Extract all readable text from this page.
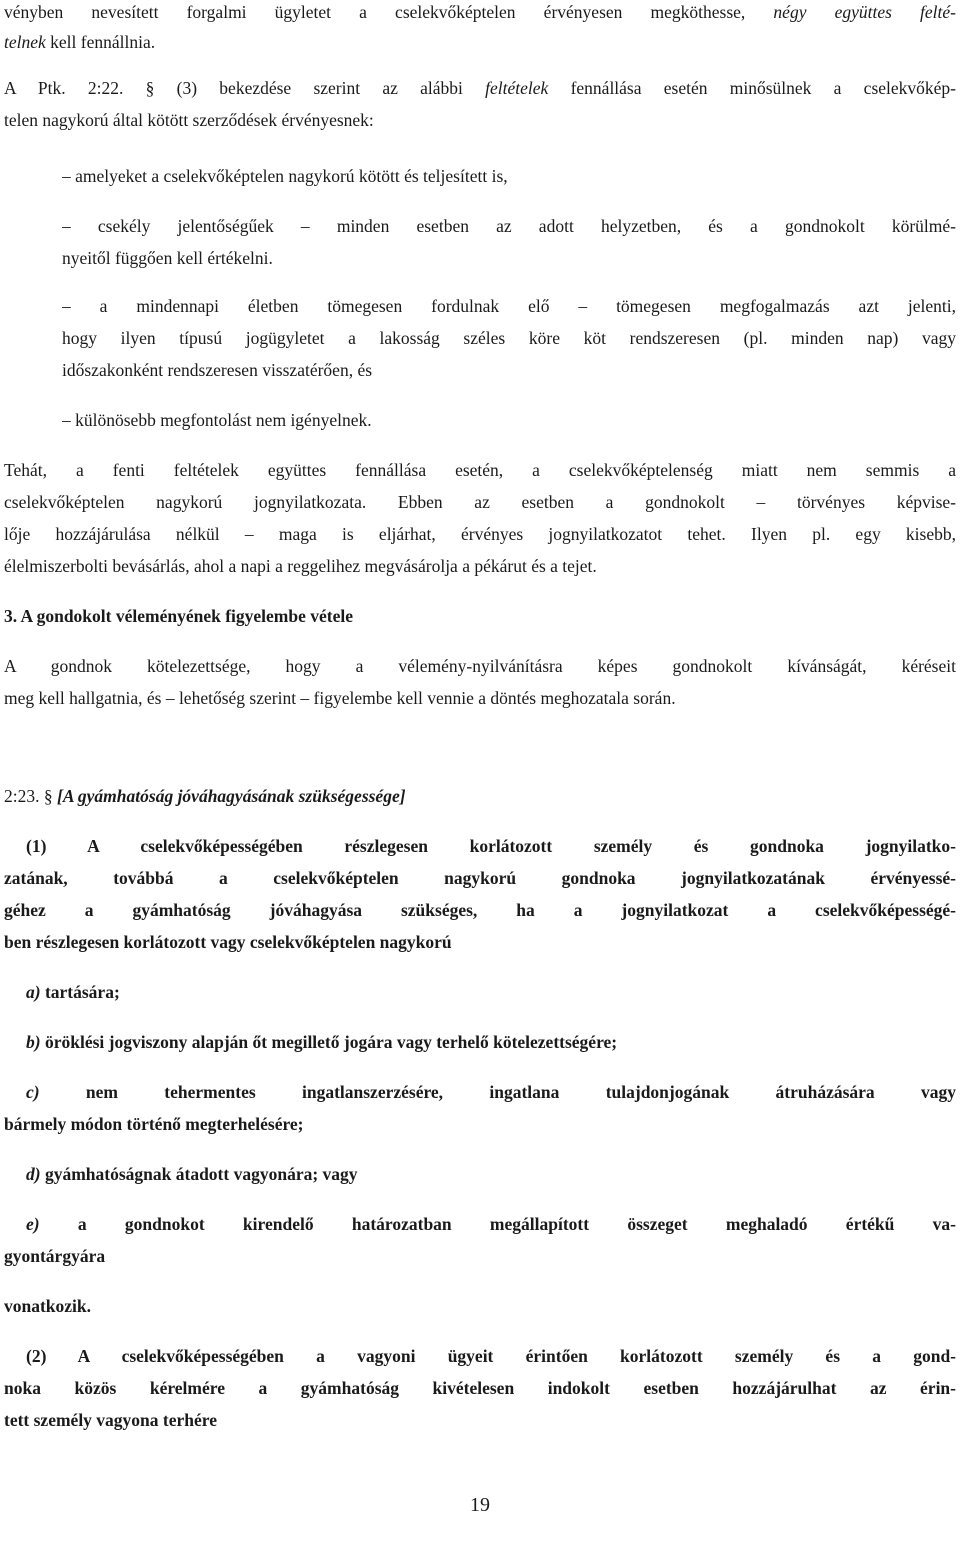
vényben nevesített forgalmi ügyletet a cselekvőképtelen érvényesen megköthesse, négy együttes felté-
telnek kell fennállnia.
A Ptk. 2:22. § (3) bekezdése szerint az alábbi feltételek fennállása esetén minősülnek a cselekvőkép-
telen nagykorú által kötött szerződések érvényesnek:
– amelyeket a cselekvőképtelen nagykorú kötött és teljesített is,
– csekély jelentőségűek – minden esetben az adott helyzetben, és a gondnokolt körülmé-
nyeitől függően kell értékelni.
– a mindennapi életben tömegesen fordulnak elő – tömegesen megfogalmazás azt jelenti,
hogy ilyen típusú jogügyletet a lakosság széles köre köt rendszeresen (pl. minden nap) vagy
időszakonként rendszeresen visszatérően, és
– különösebb megfontolást nem igényelnek.
Tehát, a fenti feltételek együttes fennállása esetén, a cselekvőképtelenség miatt nem semmis a
cselekvőképtelen nagykorú jognyilatkozata. Ebben az esetben a gondnokolt – törvényes képvise-
lője hozzájárulása nélkül – maga is eljárhat, érvényes jognyilatkozatot tehet. Ilyen pl. egy kisebb,
élelmiszerbolti bevásárlás, ahol a napi a reggelihez megvásárolja a pékárut és a tejet.
3. A gondokolt véleményének figyelembe vétele
A gondnok kötelezettsége, hogy a vélemény-nyilvánításra képes gondnokolt kívánságát, kéréseit
meg kell hallgatnia, és – lehetőség szerint – figyelembe kell vennie a döntés meghozatala során.
2:23. § [A gyámhatóság jóváhagyásának szükségessége]
(1) A cselekvőképességében részlegesen korlátozott személy és gondnoka jognyilatko-
zatának, továbbá a cselekvőképtelen nagykorú gondnoka jognyilatkozatának érvényessé-
géhez a gyámhatóság jóváhagyása szükséges, ha a jognyilatkozat a cselekvőképességé-
ben részlegesen korlátozott vagy cselekvőképtelen nagykorú
a) tartására;
b) öröklési jogviszony alapján őt megillető jogára vagy terhelő kötelezettségére;
c) nem tehermentes ingatlanszerzésére, ingatlana tulajdonjogának átruházására vagy
bármely módon történő megterhelésére;
d) gyámhatóságnak átadott vagyonára; vagy
e) a gondnokot kirendelő határozatban megállapított összeget meghaladó értékű va-
gyontárgyára
vonatkozik.
(2) A cselekvőképességében a vagyoni ügyeit érintően korlátozott személy és a gond-
noka közös kérelmére a gyámhatóság kivételesen indokolt esetben hozzájárulhat az érin-
tett személy vagyona terhére
19
